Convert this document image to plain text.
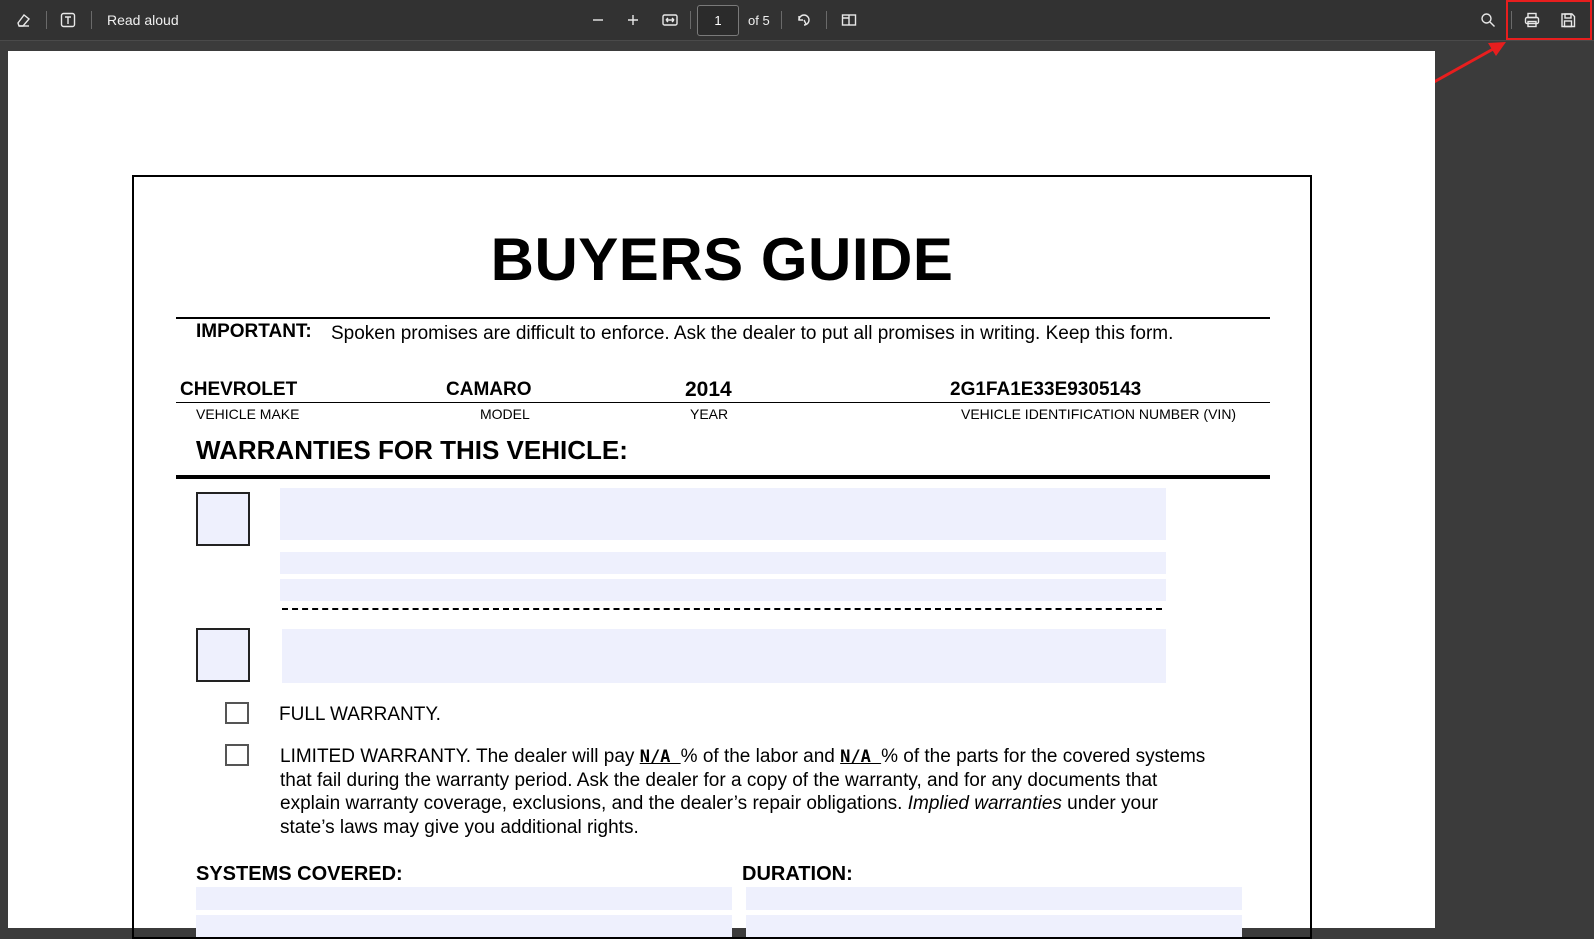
Read aloud	1	of 5
BUYERS GUIDE
IMPORTANT: Spoken promises are difficult to enforce. Ask the dealer to put all promises in writing. Keep this form.
CHEVROLET	CAMARO	2014	2G1FA1E33E9305143
VEHICLE MAKE	MODEL	YEAR	VEHICLE IDENTIFICATION NUMBER (VIN)
WARRANTIES FOR THIS VEHICLE:
FULL WARRANTY.
LIMITED WARRANTY. The dealer will pay N/A % of the labor and N/A % of the parts for the covered systems
that fail during the warranty period. Ask the dealer for a copy of the warranty, and for any documents that
explain warranty coverage, exclusions, and the dealer’s repair obligations. Implied warranties under your
state’s laws may give you additional rights.
SYSTEMS COVERED:	DURATION:
